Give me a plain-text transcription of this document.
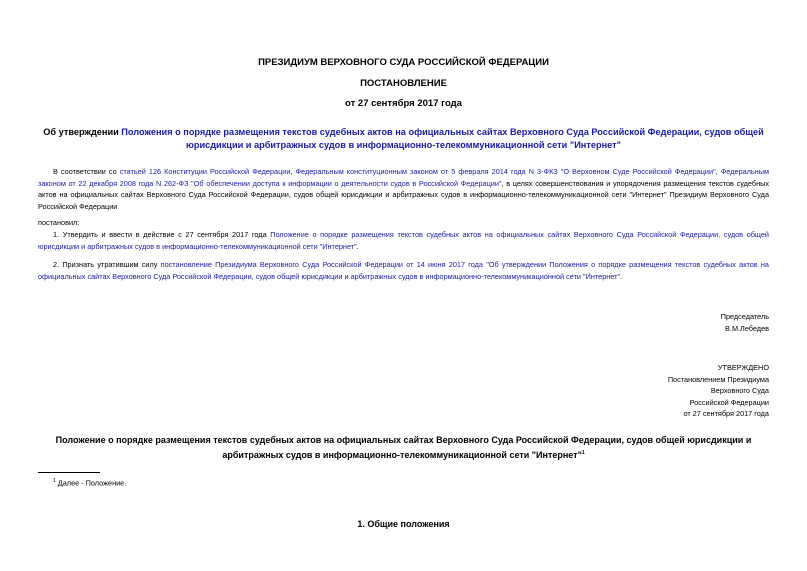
ПРЕЗИДИУМ ВЕРХОВНОГО СУДА РОССИЙСКОЙ ФЕДЕРАЦИИ
ПОСТАНОВЛЕНИЕ
от 27 сентября 2017 года
Об утверждении Положения о порядке размещения текстов судебных актов на официальных сайтах Верховного Суда Российской Федерации, судов общей юрисдикции и арбитражных судов в информационно-телекоммуникационной сети "Интернет"
В соответствии со статьей 126 Конституции Российской Федерации, Федеральным конституционным законом от 5 февраля 2014 года N 3-ФКЗ "О Верховном Суде Российской Федерации", Федеральным законом от 22 декабря 2008 года N 262-ФЗ "Об обеспечении доступа к информации о деятельности судов в Российской Федерации", в целях совершенствования и упорядочения размещения текстов судебных актов на официальных сайтах Верховного Суда Российской Федерации, судов общей юрисдикции и арбитражных судов в информационно-телекоммуникационной сети "Интернет" Президиум Верховного Суда Российской Федерации
постановил:
1. Утвердить и ввести в действие с 27 сентября 2017 года Положение о порядке размещения текстов судебных актов на официальных сайтах Верховного Суда Российской Федерации, судов общей юрисдикции и арбитражных судов в информационно-телекоммуникационной сети "Интернет".
2. Признать утратившим силу постановление Президиума Верховного Суда Российской Федерации от 14 июня 2017 года "Об утверждении Положения о порядке размещения текстов судебных актов на официальных сайтах Верховного Суда Российской Федерации, судов общей юрисдикции и арбитражных судов в информационно-телекоммуникационной сети "Интернет".
Председатель
В.М.Лебедев
УТВЕРЖДЕНО
Постановлением Президиума
Верховного Суда
Российской Федерации
от 27 сентября 2017 года
Положение о порядке размещения текстов судебных актов на официальных сайтах Верховного Суда Российской Федерации, судов общей юрисдикции и арбитражных судов в информационно-телекоммуникационной сети "Интернет"$^1$
$^1$ Далее - Положение.
1. Общие положения
